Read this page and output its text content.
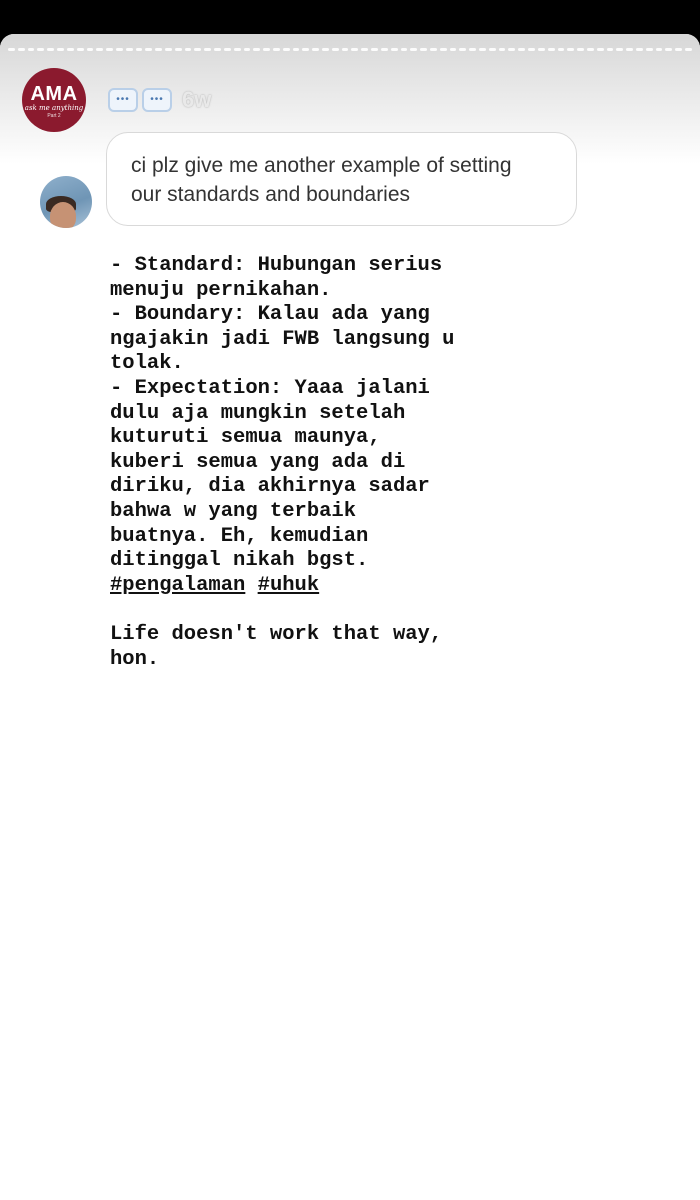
AMA
ask me anything
Part 2
•••	••• 6w
ci plz give me another example of setting
our standards and boundaries
- Standard: Hubungan serius
menuju pernikahan.
- Boundary: Kalau ada yang
ngajakin jadi FWB langsung u
tolak.
- Expectation: Yaaa jalani
dulu aja mungkin setelah
kuturuti semua maunya,
kuberi semua yang ada di
diriku, dia akhirnya sadar
bahwa w yang terbaik
buatnya. Eh, kemudian
ditinggal nikah bgst.
#pengalaman #uhuk
Life doesn't work that way,
hon.
